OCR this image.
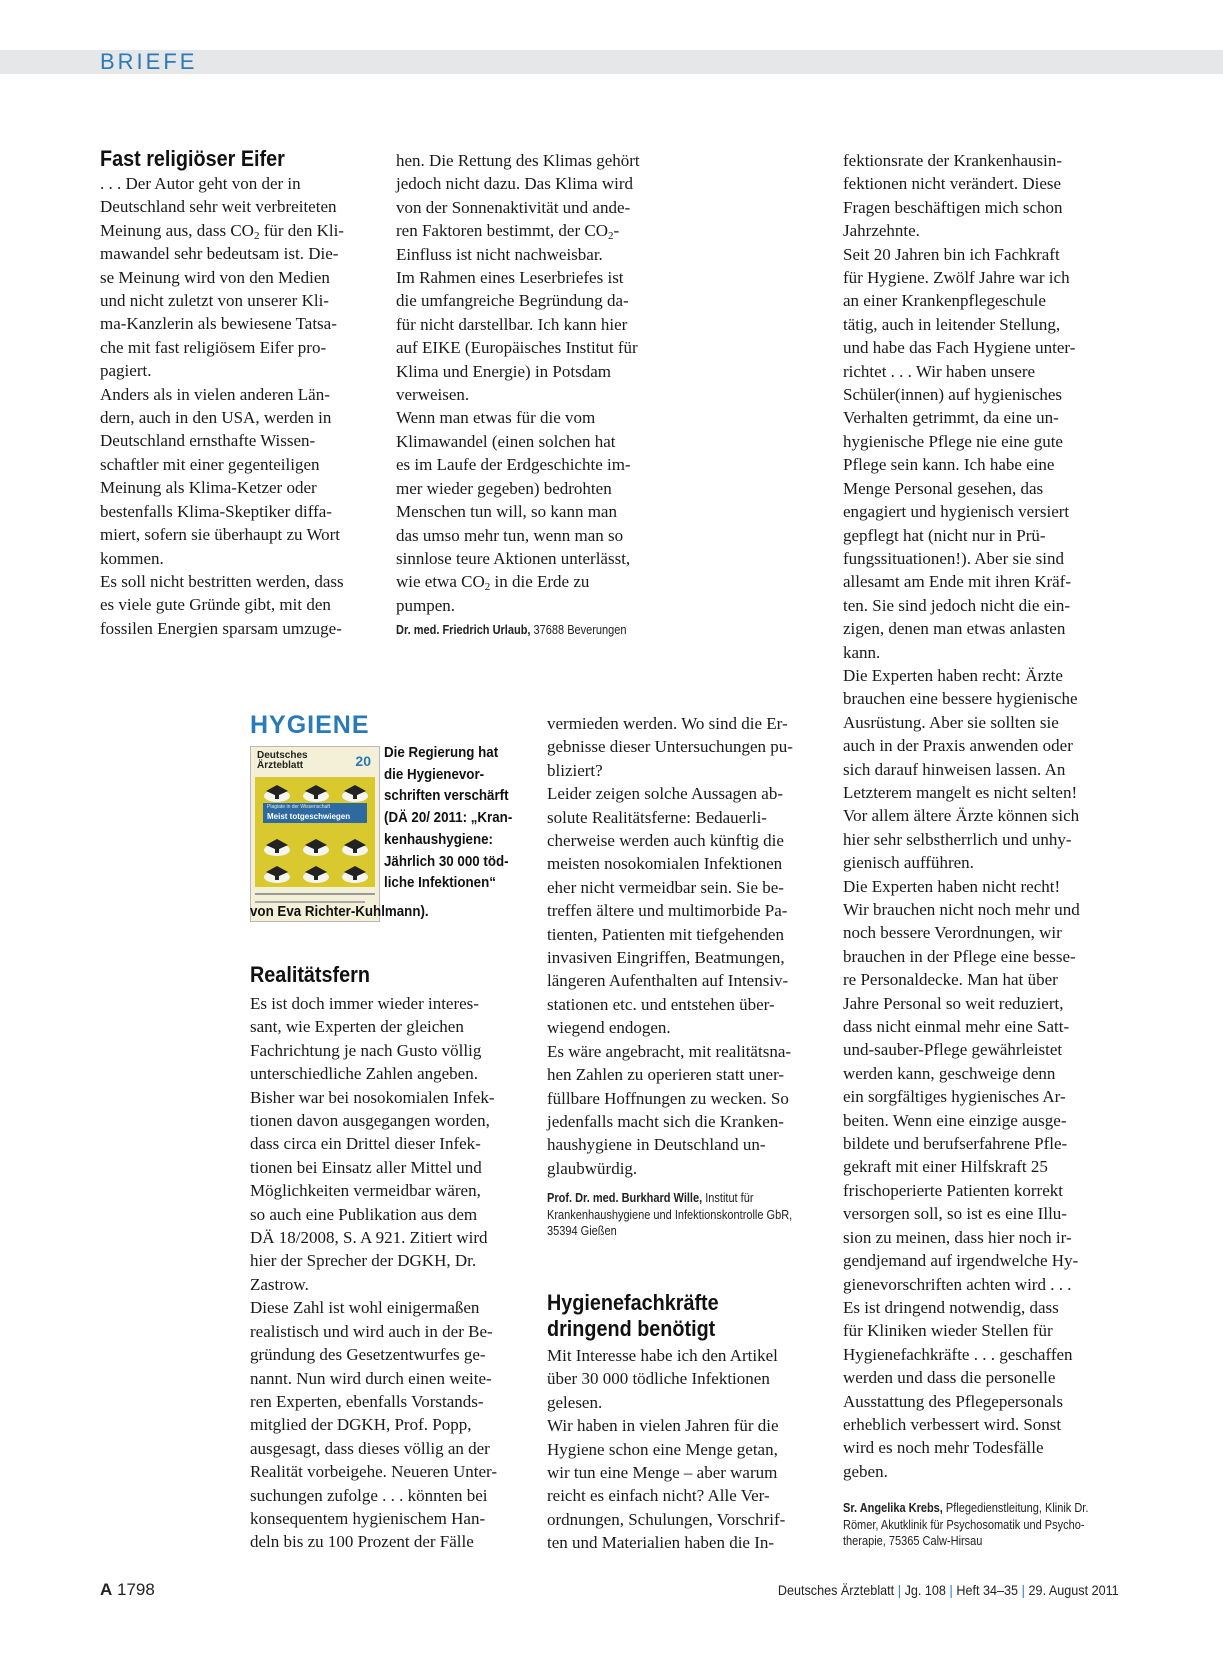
BRIEFE
Fast religiöser Eifer
. . . Der Autor geht von der in
Deutschland sehr weit verbreiteten
Meinung aus, dass $CO_2$ für den Kli-
mawandel sehr bedeutsam ist. Die-
se Meinung wird von den Medien
und nicht zuletzt von unserer Kli-
ma-Kanzlerin als bewiesene Tatsa-
che mit fast religiösem Eifer pro-
pagiert.
Anders als in vielen anderen Län-
dern, auch in den USA, werden in
Deutschland ernsthafte Wissen-
schaftler mit einer gegenteiligen
Meinung als Klima-Ketzer oder
bestenfalls Klima-Skeptiker diffa-
miert, sofern sie überhaupt zu Wort
kommen.
Es soll nicht bestritten werden, dass
es viele gute Gründe gibt, mit den
fossilen Energien sparsam umzuge-
hen. Die Rettung des Klimas gehört
jedoch nicht dazu. Das Klima wird
von der Sonnenaktivität und ande-
ren Faktoren bestimmt, der $CO_2-$
Einfluss ist nicht nachweisbar.
Im Rahmen eines Leserbriefes ist
die umfangreiche Begründung da-
für nicht darstellbar. Ich kann hier
auf EIKE (Europäisches Institut für
Klima und Energie) in Potsdam
verweisen.
Wenn man etwas für die vom
Klimawandel (einen solchen hat
es im Laufe der Erdgeschichte im-
mer wieder gegeben) bedrohten
Menschen tun will, so kann man
das umso mehr tun, wenn man so
sinnlose teure Aktionen unterlässt,
wie etwa $CO_2$ in die Erde zu
pumpen.
Dr. med. Friedrich Urlaub, 37688 Beverungen
HYGIENE
Deutsches
Ärzteblatt	20
Plagiate in der Wissenschaft
Meist totgeschwiegen
Die Regierung hat
die Hygienevor-
schriften verschärft
(DÄ 20/ 2011: „Kran-
kenhaushygiene:
Jährlich 30 000 töd-
liche Infektionen“
von Eva Richter-Kuhlmann).
Realitätsfern
Es ist doch immer wieder interes-
sant, wie Experten der gleichen
Fachrichtung je nach Gusto völlig
unterschiedliche Zahlen angeben.
Bisher war bei nosokomialen Infek-
tionen davon ausgegangen worden,
dass circa ein Drittel dieser Infek-
tionen bei Einsatz aller Mittel und
Möglichkeiten vermeidbar wären,
so auch eine Publikation aus dem
DÄ 18/2008, S. A 921. Zitiert wird
hier der Sprecher der DGKH, Dr.
Zastrow.
Diese Zahl ist wohl einigermaßen
realistisch und wird auch in der Be-
gründung des Gesetzentwurfes ge-
nannt. Nun wird durch einen weite-
ren Experten, ebenfalls Vorstands-
mitglied der DGKH, Prof. Popp,
ausgesagt, dass dieses völlig an der
Realität vorbeigehe. Neueren Unter-
suchungen zufolge . . . könnten bei
konsequentem hygienischem Han-
deln bis zu 100 Prozent der Fälle
vermieden werden. Wo sind die Er-
gebnisse dieser Untersuchungen pu-
bliziert?
Leider zeigen solche Aussagen ab-
solute Realitätsferne: Bedauerli-
cherweise werden auch künftig die
meisten nosokomialen Infektionen
eher nicht vermeidbar sein. Sie be-
treffen ältere und multimorbide Pa-
tienten, Patienten mit tiefgehenden
invasiven Eingriffen, Beatmungen,
längeren Aufenthalten auf Intensiv-
stationen etc. und entstehen über-
wiegend endogen.
Es wäre angebracht, mit realitätsna-
hen Zahlen zu operieren statt uner-
füllbare Hoffnungen zu wecken. So
jedenfalls macht sich die Kranken-
haushygiene in Deutschland un-
glaubwürdig.
Prof. Dr. med. Burkhard Wille, Institut für
Krankenhaushygiene und Infektionskontrolle GbR,
35394 Gießen
Hygienefachkräfte
dringend benötigt
Mit Interesse habe ich den Artikel
über 30 000 tödliche Infektionen
gelesen.
Wir haben in vielen Jahren für die
Hygiene schon eine Menge getan,
wir tun eine Menge – aber warum
reicht es einfach nicht? Alle Ver-
ordnungen, Schulungen, Vorschrif-
ten und Materialien haben die In-
fektionsrate der Krankenhausin-
fektionen nicht verändert. Diese
Fragen beschäftigen mich schon
Jahrzehnte.
Seit 20 Jahren bin ich Fachkraft
für Hygiene. Zwölf Jahre war ich
an einer Krankenpflegeschule
tätig, auch in leitender Stellung,
und habe das Fach Hygiene unter-
richtet . . . Wir haben unsere
Schüler(innen) auf hygienisches
Verhalten getrimmt, da eine un-
hygienische Pflege nie eine gute
Pflege sein kann. Ich habe eine
Menge Personal gesehen, das
engagiert und hygienisch versiert
gepflegt hat (nicht nur in Prü-
fungssituationen!). Aber sie sind
allesamt am Ende mit ihren Kräf-
ten. Sie sind jedoch nicht die ein-
zigen, denen man etwas anlasten
kann.
Die Experten haben recht: Ärzte
brauchen eine bessere hygienische
Ausrüstung. Aber sie sollten sie
auch in der Praxis anwenden oder
sich darauf hinweisen lassen. An
Letzterem mangelt es nicht selten!
Vor allem ältere Ärzte können sich
hier sehr selbstherrlich und unhy-
gienisch aufführen.
Die Experten haben nicht recht!
Wir brauchen nicht noch mehr und
noch bessere Verordnungen, wir
brauchen in der Pflege eine besse-
re Personaldecke. Man hat über
Jahre Personal so weit reduziert,
dass nicht einmal mehr eine Satt-
und-sauber-Pflege gewährleistet
werden kann, geschweige denn
ein sorgfältiges hygienisches Ar-
beiten. Wenn eine einzige ausge-
bildete und berufserfahrene Pfle-
gekraft mit einer Hilfskraft 25
frischoperierte Patienten korrekt
versorgen soll, so ist es eine Illu-
sion zu meinen, dass hier noch ir-
gendjemand auf irgendwelche Hy-
gienevorschriften achten wird . . .
Es ist dringend notwendig, dass
für Kliniken wieder Stellen für
Hygienefachkräfte . . . geschaffen
werden und dass die personelle
Ausstattung des Pflegepersonals
erheblich verbessert wird. Sonst
wird es noch mehr Todesfälle
geben.
Sr. Angelika Krebs, Pflegedienstleitung, Klinik Dr.
Römer, Akutklinik für Psychosomatik und Psycho-
therapie, 75365 Calw-Hirsau
A 1798	Deutsches Ärzteblatt | Jg. 108 | Heft 34–35 | 29. August 2011
